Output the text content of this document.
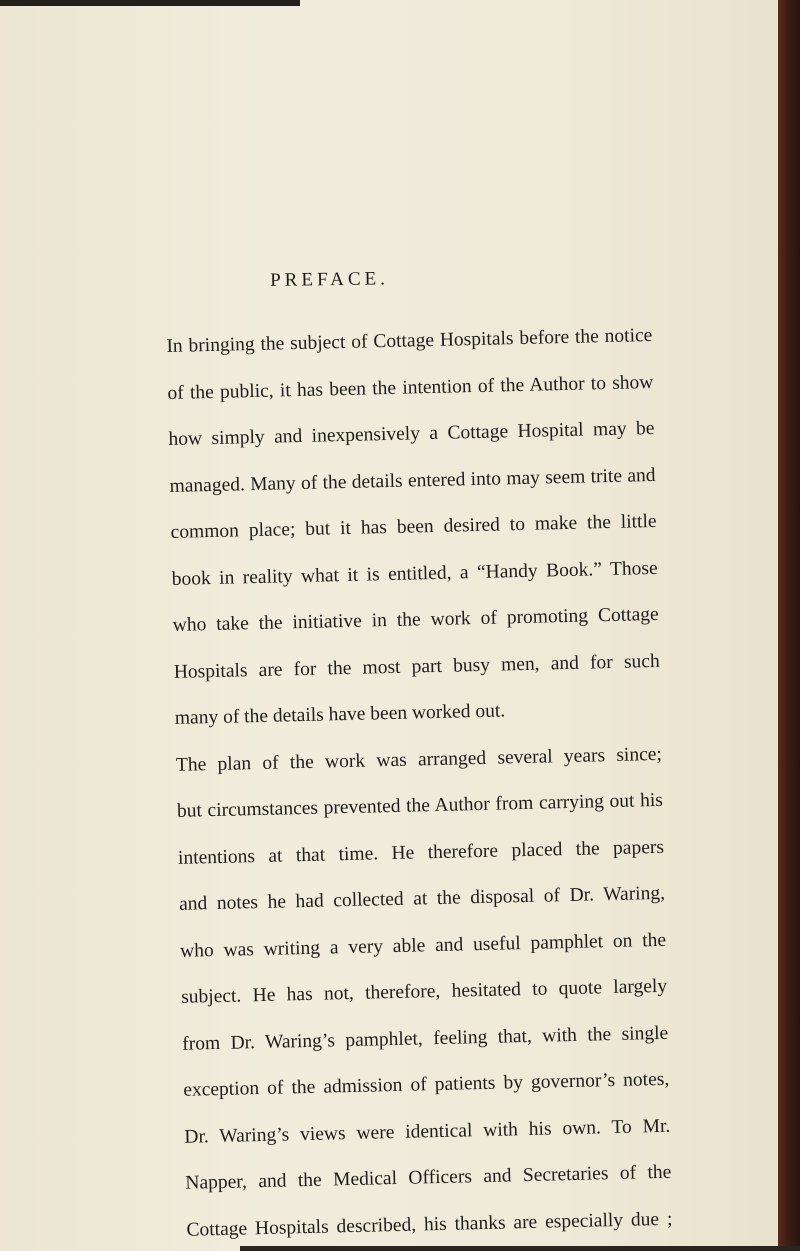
PREFACE.
In bringing the subject of Cottage Hospitals before the notice
of the public, it has been the intention of the Author to show
how simply and inexpensively a Cottage Hospital may be
managed. Many of the details entered into may seem trite and
common place; but it has been desired to make the little
book in reality what it is entitled, a “Handy Book.” Those
who take the initiative in the work of promoting Cottage
Hospitals are for the most part busy men, and for such
many of the details have been worked out.
The plan of the work was arranged several years since;
but circumstances prevented the Author from carrying out his
intentions at that time. He therefore placed the papers
and notes he had collected at the disposal of Dr. Waring,
who was writing a very able and useful pamphlet on the
subject. He has not, therefore, hesitated to quote largely
from Dr. Waring’s pamphlet, feeling that, with the single
exception of the admission of patients by governor’s notes,
Dr. Waring’s views were identical with his own. To Mr.
Napper, and the Medical Officers and Secretaries of the
Cottage Hospitals described, his thanks are especially due ;
